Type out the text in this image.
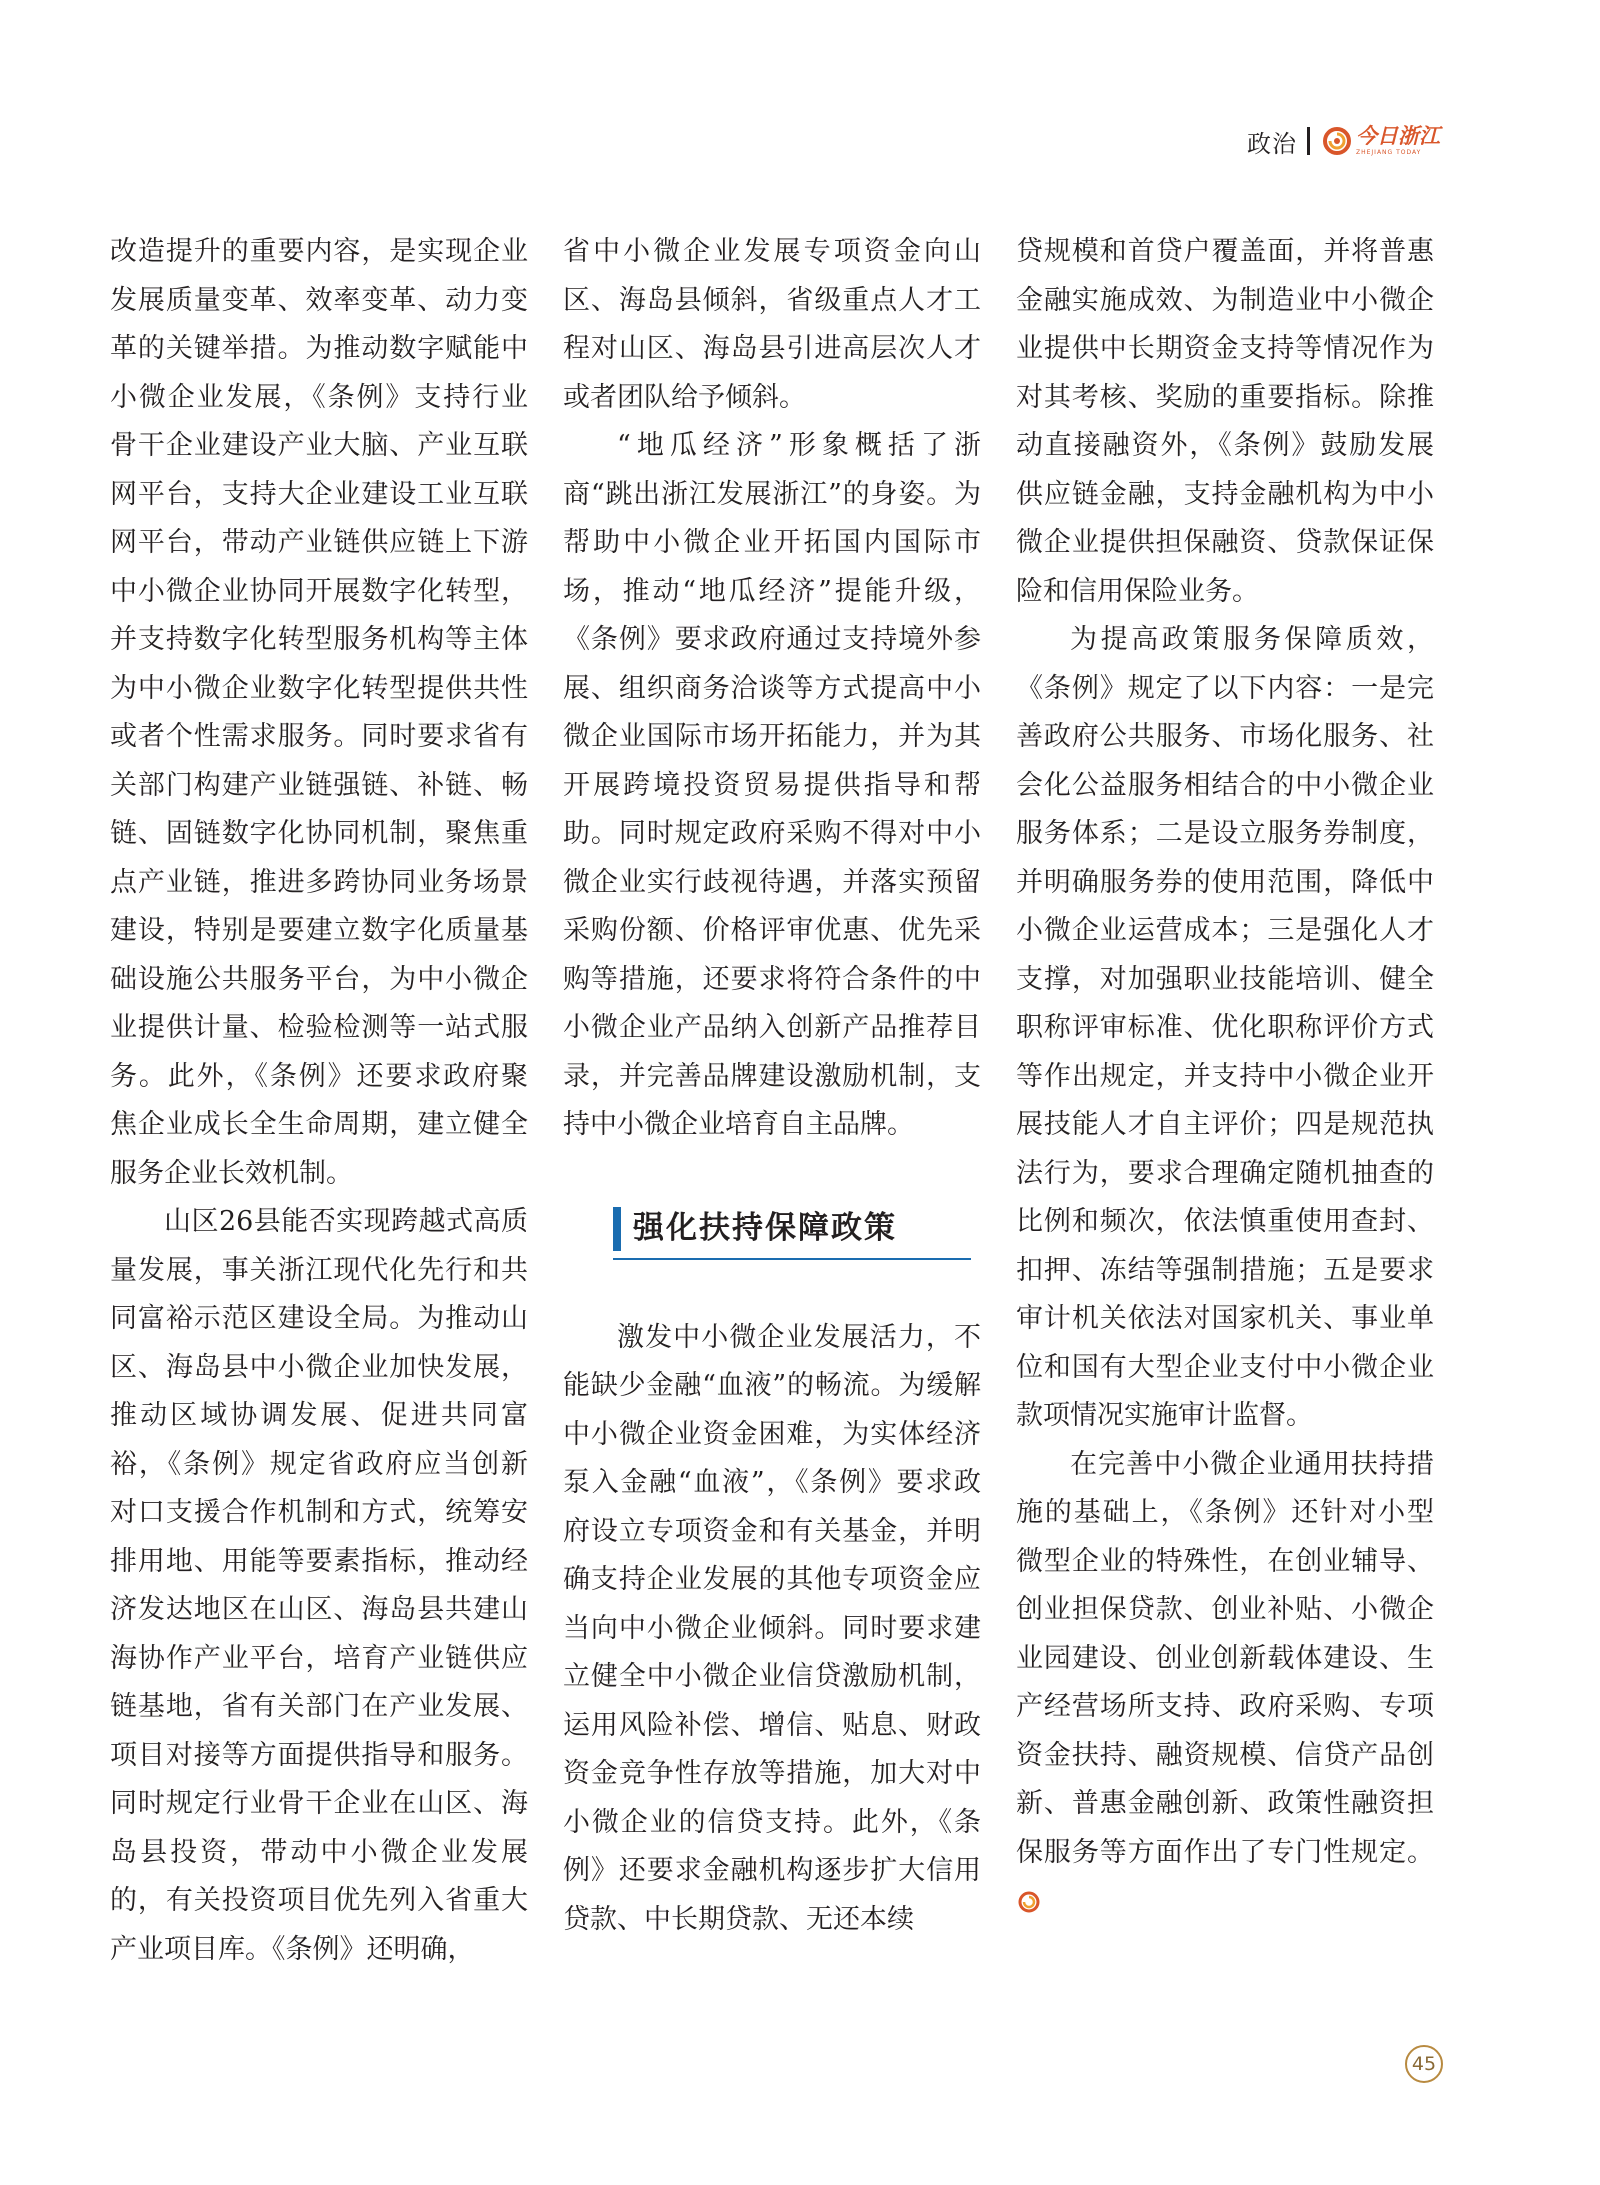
政治	今日浙江
ZHEJIANG TODAY

改造提升的重要内容，是实现企业发展质量变革、效率变革、动力变革的关键举措。为推动数字赋能中小微企业发展，《条例》支持行业骨干企业建设产业大脑、产业互联网平台，支持大企业建设工业互联网平台，带动产业链供应链上下游中小微企业协同开展数字化转型，并支持数字化转型服务机构等主体为中小微企业数字化转型提供共性或者个性需求服务。同时要求省有关部门构建产业链强链、补链、畅链、固链数字化协同机制，聚焦重点产业链，推进多跨协同业务场景建设，特别是要建立数字化质量基础设施公共服务平台，为中小微企业提供计量、检验检测等一站式服务。此外，《条例》还要求政府聚焦企业成长全生命周期，建立健全服务企业长效机制。

山区26县能否实现跨越式高质量发展，事关浙江现代化先行和共同富裕示范区建设全局。为推动山区、海岛县中小微企业加快发展，推动区域协调发展、促进共同富裕，《条例》规定省政府应当创新对口支援合作机制和方式，统筹安排用地、用能等要素指标，推动经济发达地区在山区、海岛县共建山海协作产业平台，培育产业链供应链基地，省有关部门在产业发展、项目对接等方面提供指导和服务。同时规定行业骨干企业在山区、海岛县投资，带动中小微企业发展的，有关投资项目优先列入省重大产业项目库。《条例》还明确，

省中小微企业发展专项资金向山区、海岛县倾斜，省级重点人才工程对山区、海岛县引进高层次人才或者团队给予倾斜。

“地瓜经济”形象概括了浙商“跳出浙江发展浙江”的身姿。为帮助中小微企业开拓国内国际市场，推动“地瓜经济”提能升级，《条例》要求政府通过支持境外参展、组织商务洽谈等方式提高中小微企业国际市场开拓能力，并为其开展跨境投资贸易提供指导和帮助。同时规定政府采购不得对中小微企业实行歧视待遇，并落实预留采购份额、价格评审优惠、优先采购等措施，还要求将符合条件的中小微企业产品纳入创新产品推荐目录，并完善品牌建设激励机制，支持中小微企业培育自主品牌。

强化扶持保障政策

激发中小微企业发展活力，不能缺少金融“血液”的畅流。为缓解中小微企业资金困难，为实体经济泵入金融“血液”，《条例》要求政府设立专项资金和有关基金，并明确支持企业发展的其他专项资金应当向中小微企业倾斜。同时要求建立健全中小微企业信贷激励机制，运用风险补偿、增信、贴息、财政资金竞争性存放等措施，加大对中小微企业的信贷支持。此外，《条例》还要求金融机构逐步扩大信用贷款、中长期贷款、无还本续

贷规模和首贷户覆盖面，并将普惠金融实施成效、为制造业中小微企业提供中长期资金支持等情况作为对其考核、奖励的重要指标。除推动直接融资外，《条例》鼓励发展供应链金融，支持金融机构为中小微企业提供担保融资、贷款保证保险和信用保险业务。

为提高政策服务保障质效，《条例》规定了以下内容：一是完善政府公共服务、市场化服务、社会化公益服务相结合的中小微企业服务体系；二是设立服务券制度，并明确服务券的使用范围，降低中小微企业运营成本；三是强化人才支撑，对加强职业技能培训、健全职称评审标准、优化职称评价方式等作出规定，并支持中小微企业开展技能人才自主评价；四是规范执法行为，要求合理确定随机抽查的比例和频次，依法慎重使用查封、扣押、冻结等强制措施；五是要求审计机关依法对国家机关、事业单位和国有大型企业支付中小微企业款项情况实施审计监督。

在完善中小微企业通用扶持措施的基础上，《条例》还针对小型微型企业的特殊性，在创业辅导、创业担保贷款、创业补贴、小微企业园建设、创业创新载体建设、生产经营场所支持、政府采购、专项资金扶持、融资规模、信贷产品创新、普惠金融创新、政策性融资担保服务等方面作出了专门性规定。

45
